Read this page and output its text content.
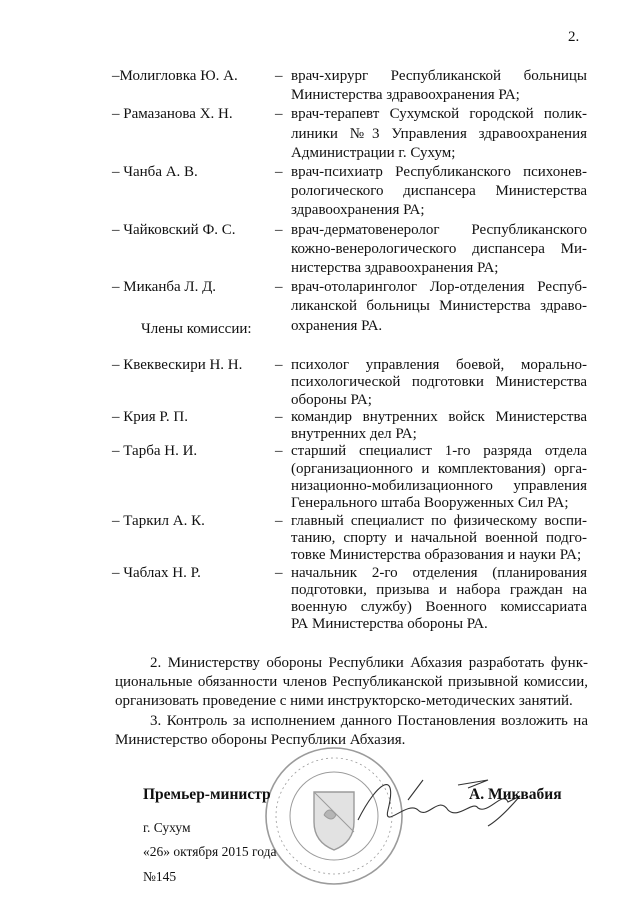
2.
–Молигловка Ю. А.	– врач-хирург Республиканской больницы
Министерства здравоохранения РА;
– Рамазанова Х. Н.	– врач-терапевт Сухумской городской полик-
линики №3 Управления здравоохранения
Администрации г. Сухум;
– Чанба А. В.	– врач-психиатр Республиканского психонев-
рологического диспансера Министерства
здравоохранения РА;
– Чайковский Ф. С.	– врач-дерматовенеролог Республиканского
кожно-венерологического диспансера Ми-
нистерства здравоохранения РА;
– Миканба Л. Д.	– врач-отоларинголог Лор-отделения Респуб-
ликанской больницы Министерства здраво-
охранения РА.
Члены комиссии:
– Квеквескири Н. Н.	– психолог управления боевой, морально-
психологической подготовки Министерства
обороны РА;
– Крия Р. П.	– командир внутренних войск Министерства
внутренних дел РА;
– Тарба Н. И.	– старший специалист 1-го разряда отдела
(организационного и комплектования) орга-
низационно-мобилизационного управления
Генерального штаба Вооруженных Сил РА;
– Таркил А. К.	– главный специалист по физическому воспи-
танию, спорту и начальной военной подго-
товке Министерства образования и науки РА;
– Чаблах Н. Р.	– начальник 2-го отделения (планирования
подготовки, призыва и набора граждан на
военную службу) Военного комиссариата
РА Министерства обороны РА.
2. Министерству обороны Республики Абхазия разработать функ-
циональные обязанности членов Республиканской призывной комиссии,
организовать проведение с ними инструкторско-методических занятий.
3. Контроль за исполнением данного Постановления возложить на
Министерство обороны Республики Абхазия.
Премьер-министр	А. Миквабия
г. Сухум
«26» октября 2015 года
№145
